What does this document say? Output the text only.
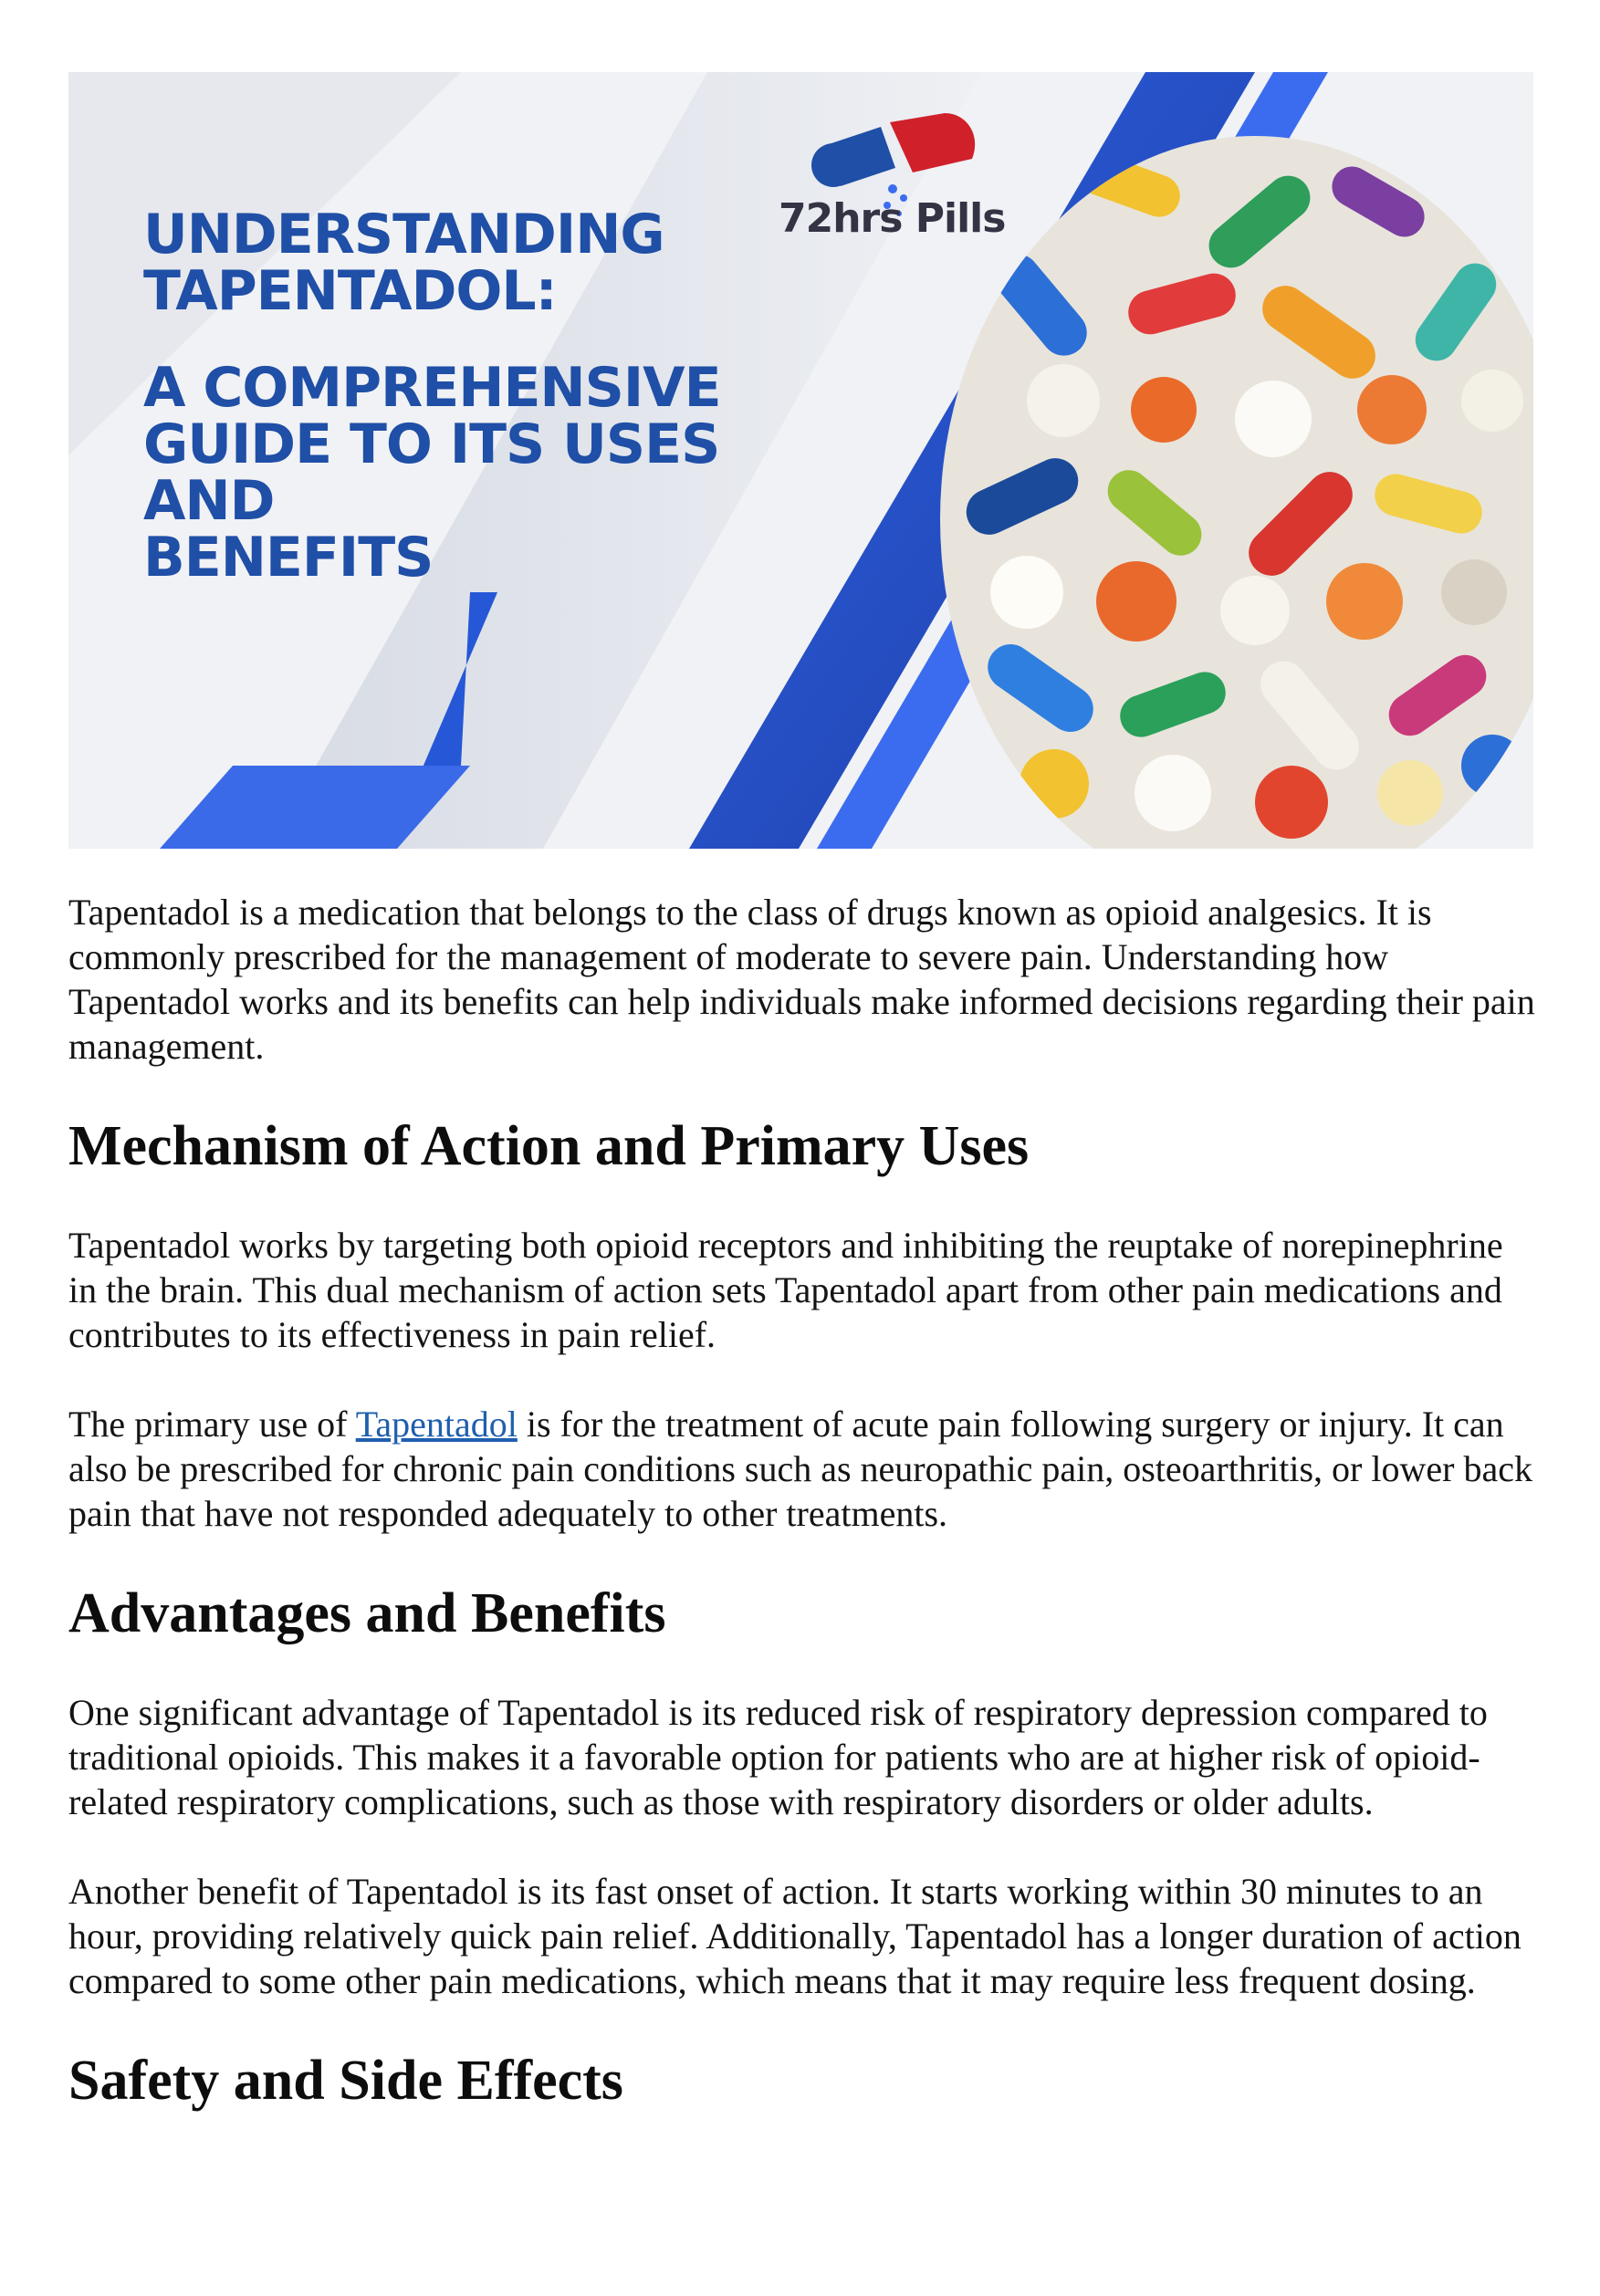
72hrs Pills
UNDERSTANDING
TAPENTADOL:
A COMPREHENSIVE
GUIDE TO ITS USES
AND
BENEFITS

Tapentadol is a medication that belongs to the class of drugs known as opioid analgesics. It is commonly prescribed for the management of moderate to severe pain. Understanding how Tapentadol works and its benefits can help individuals make informed decisions regarding their pain management.

Mechanism of Action and Primary Uses

Tapentadol works by targeting both opioid receptors and inhibiting the reuptake of norepinephrine in the brain. This dual mechanism of action sets Tapentadol apart from other pain medications and contributes to its effectiveness in pain relief.

The primary use of Tapentadol is for the treatment of acute pain following surgery or injury. It can also be prescribed for chronic pain conditions such as neuropathic pain, osteoarthritis, or lower back pain that have not responded adequately to other treatments.

Advantages and Benefits

One significant advantage of Tapentadol is its reduced risk of respiratory depression compared to traditional opioids. This makes it a favorable option for patients who are at higher risk of opioid-related respiratory complications, such as those with respiratory disorders or older adults.

Another benefit of Tapentadol is its fast onset of action. It starts working within 30 minutes to an hour, providing relatively quick pain relief. Additionally, Tapentadol has a longer duration of action compared to some other pain medications, which means that it may require less frequent dosing.

Safety and Side Effects
